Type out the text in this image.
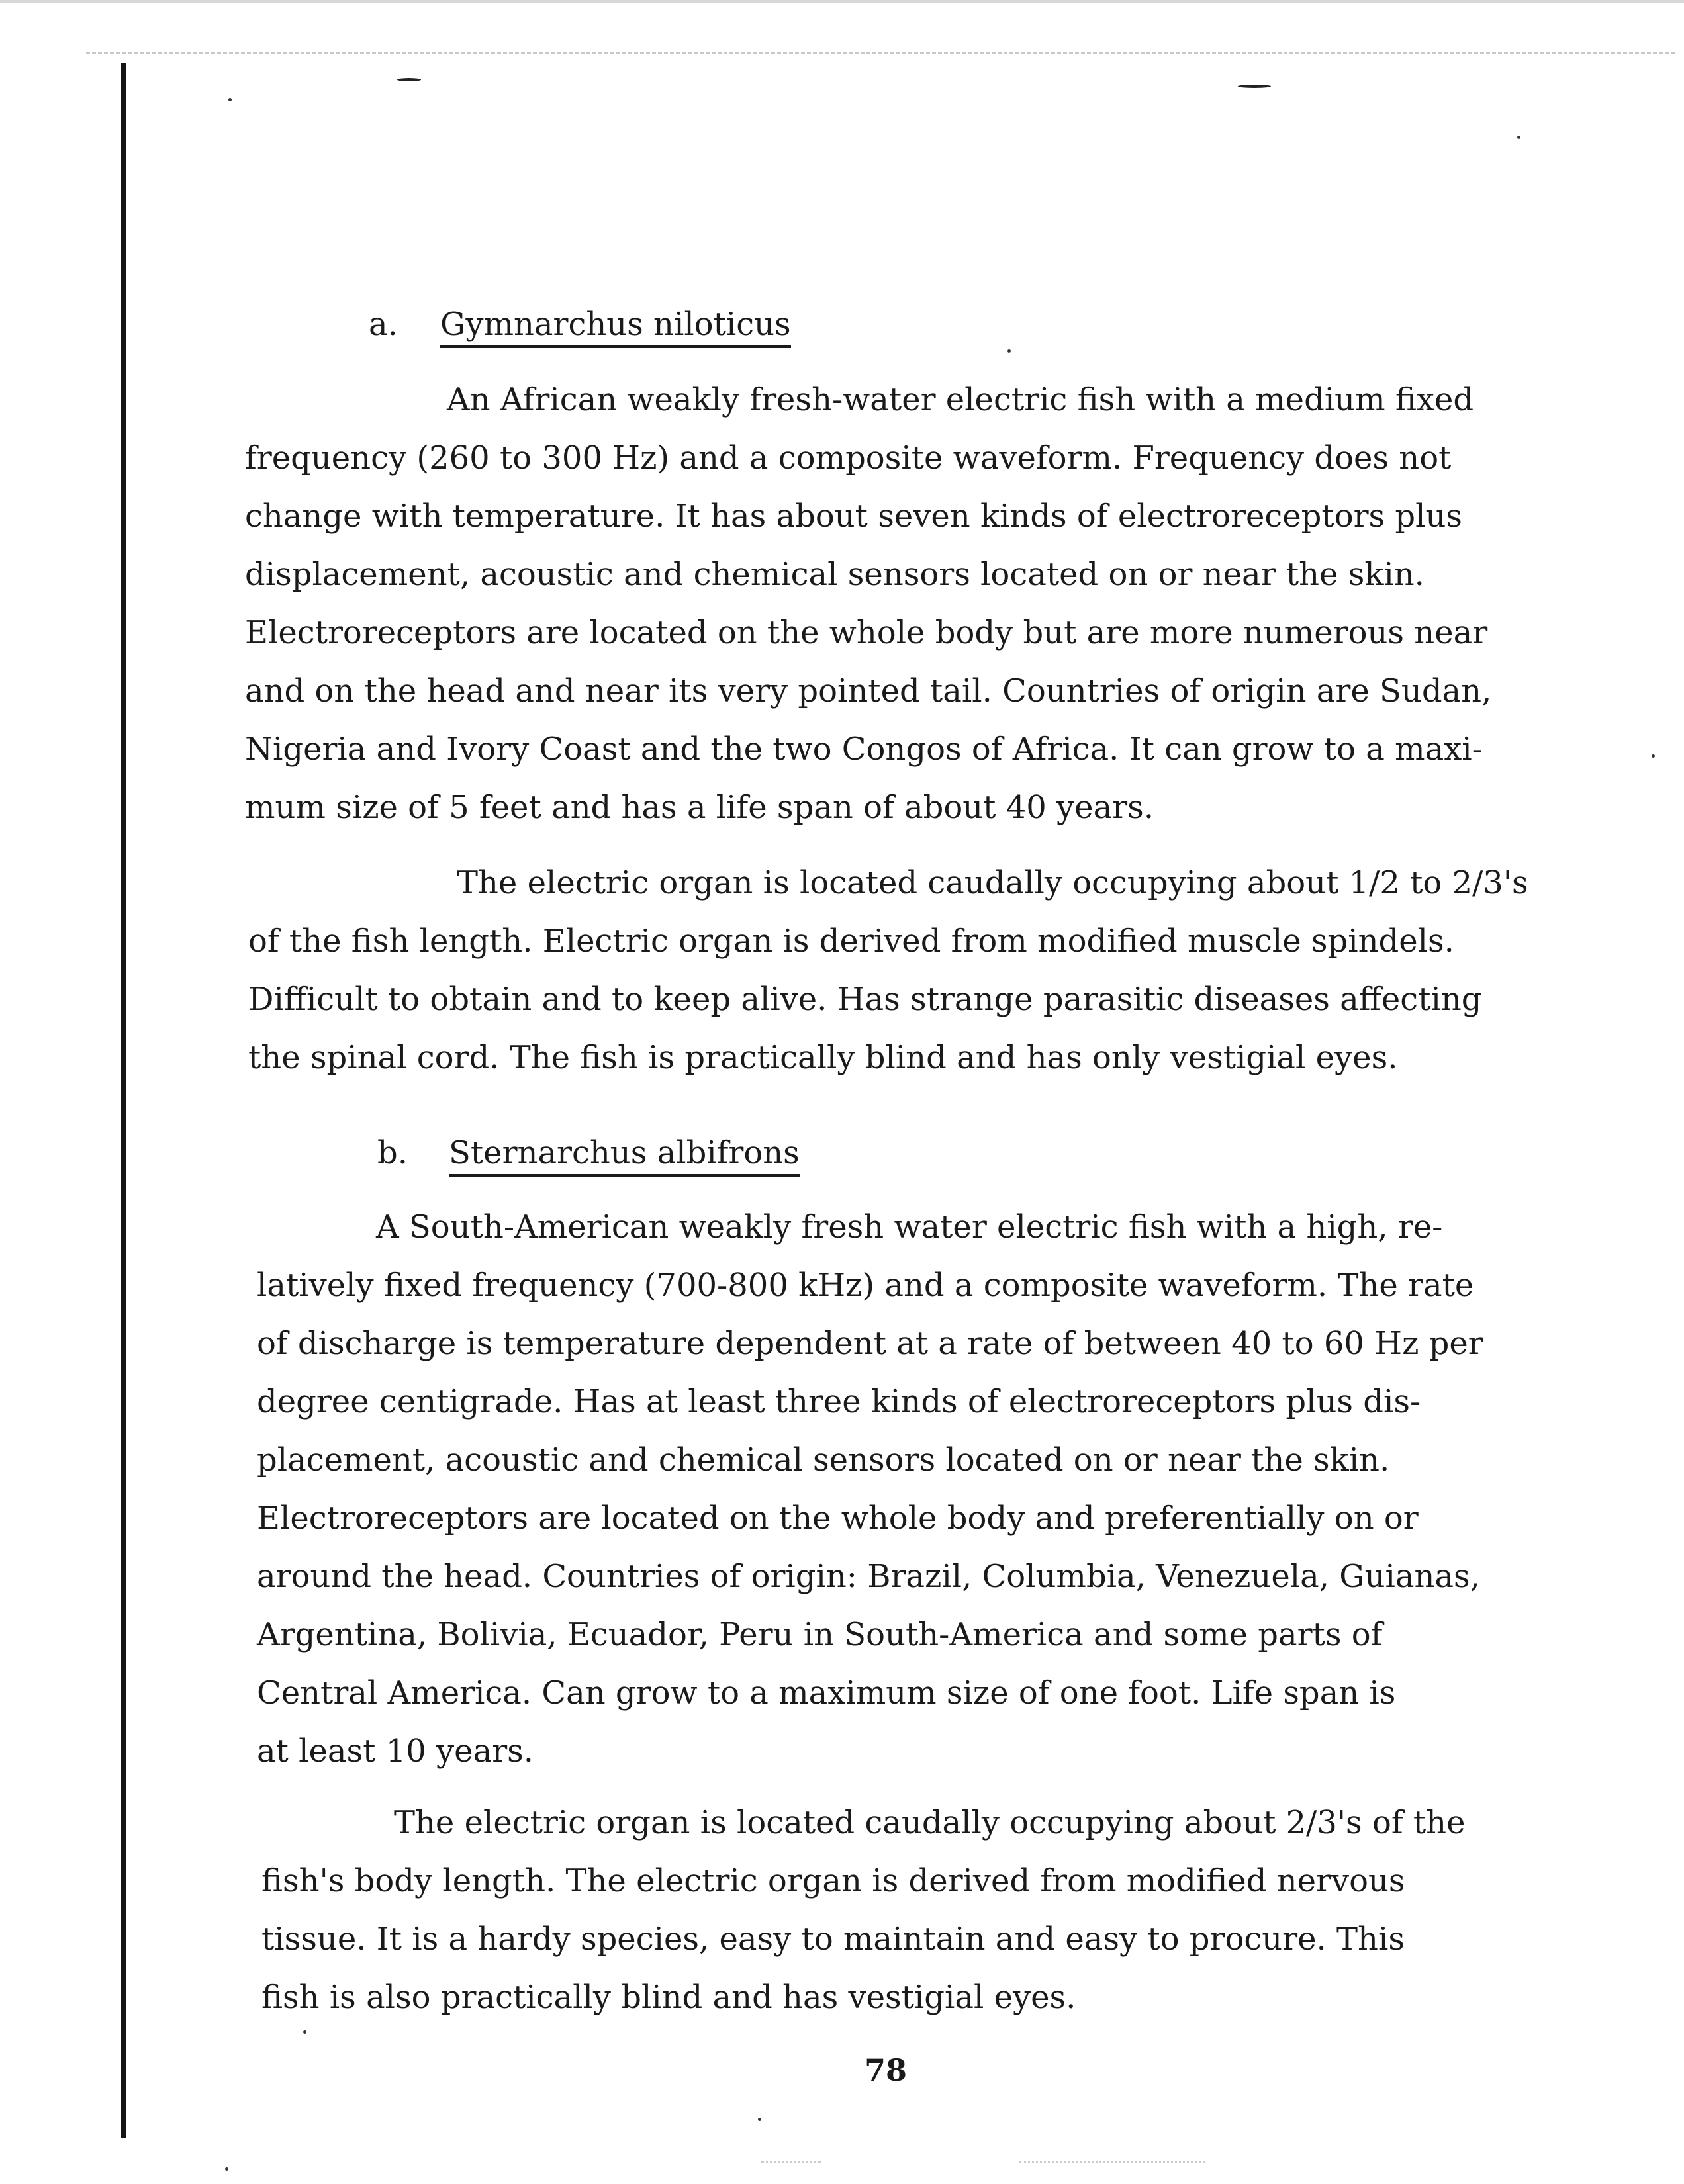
a. Gymnarchus niloticus
An African weakly fresh-water electric fish with a medium fixed
frequency (260 to 300 Hz) and a composite waveform. Frequency does not
change with temperature. It has about seven kinds of electroreceptors plus
displacement, acoustic and chemical sensors located on or near the skin.
Electroreceptors are located on the whole body but are more numerous near
and on the head and near its very pointed tail. Countries of origin are Sudan,
Nigeria and Ivory Coast and the two Congos of Africa. It can grow to a maxi-
mum size of 5 feet and has a life span of about 40 years.
The electric organ is located caudally occupying about 1/2 to 2/3's
of the fish length. Electric organ is derived from modified muscle spindels.
Difficult to obtain and to keep alive. Has strange parasitic diseases affecting
the spinal cord. The fish is practically blind and has only vestigial eyes.
b. Sternarchus albifrons
A South-American weakly fresh water electric fish with a high, re-
latively fixed frequency (700-800 kHz) and a composite waveform. The rate
of discharge is temperature dependent at a rate of between 40 to 60 Hz per
degree centigrade. Has at least three kinds of electroreceptors plus dis-
placement, acoustic and chemical sensors located on or near the skin.
Electroreceptors are located on the whole body and preferentially on or
around the head. Countries of origin: Brazil, Columbia, Venezuela, Guianas,
Argentina, Bolivia, Ecuador, Peru in South-America and some parts of
Central America. Can grow to a maximum size of one foot. Life span is
at least 10 years.
The electric organ is located caudally occupying about 2/3's of the
fish's body length. The electric organ is derived from modified nervous
tissue. It is a hardy species, easy to maintain and easy to procure. This
fish is also practically blind and has vestigial eyes.
78
